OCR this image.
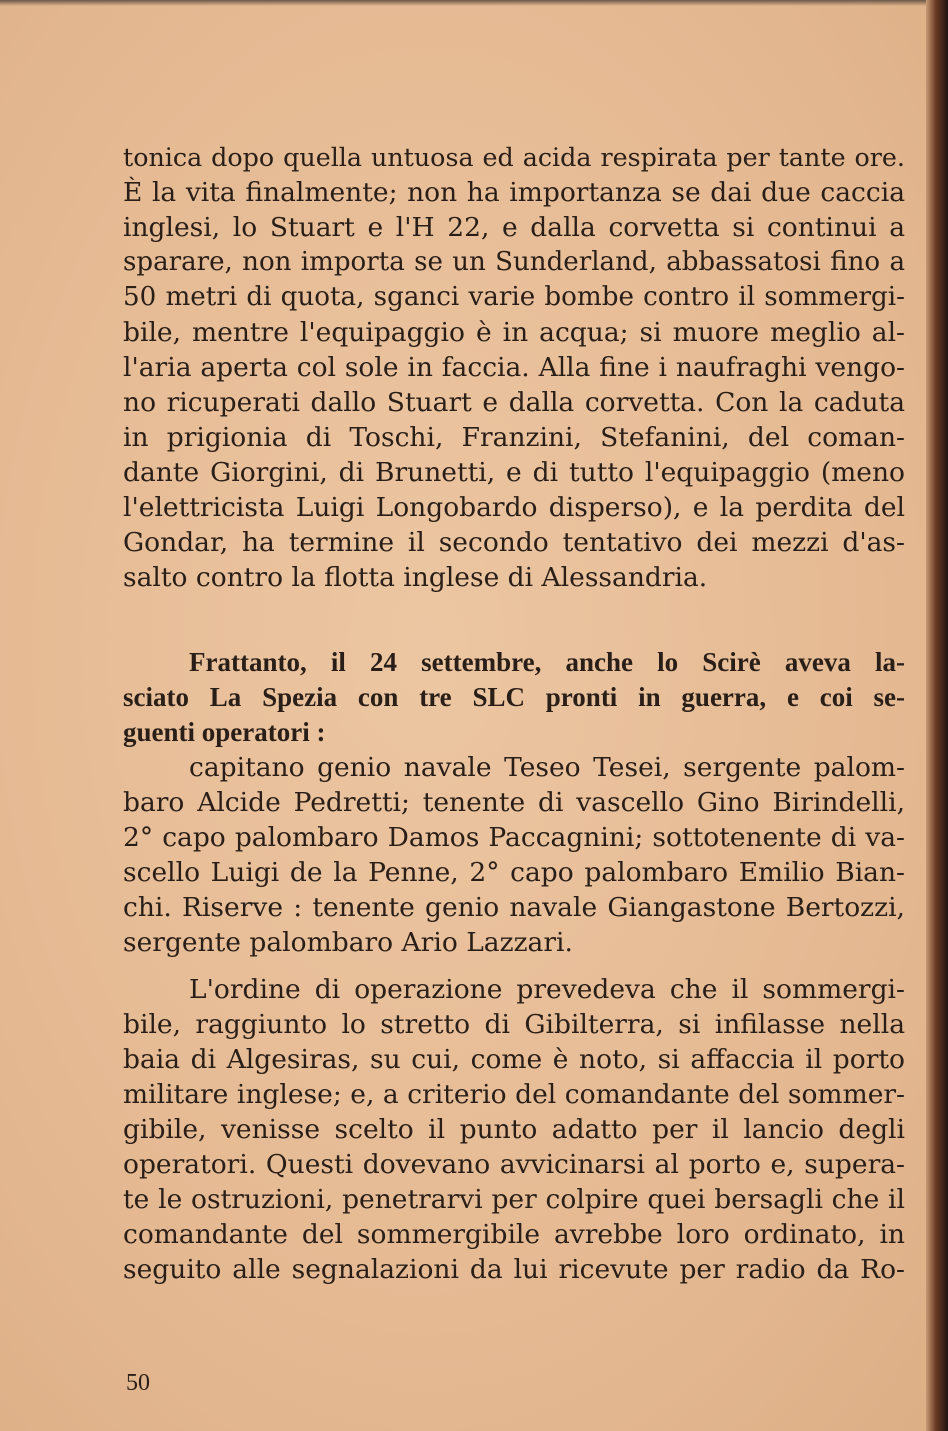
tonica dopo quella untuosa ed acida respirata per tante ore.
È la vita finalmente; non ha importanza se dai due caccia
inglesi, lo Stuart e l'H 22, e dalla corvetta si continui a
sparare, non importa se un Sunderland, abbassatosi fino a
50 metri di quota, sganci varie bombe contro il sommergi-
bile, mentre l'equipaggio è in acqua; si muore meglio al-
l'aria aperta col sole in faccia. Alla fine i naufraghi vengo-
no ricuperati dallo Stuart e dalla corvetta. Con la caduta
in prigionia di Toschi, Franzini, Stefanini, del coman-
dante Giorgini, di Brunetti, e di tutto l'equipaggio (meno
l'elettricista Luigi Longobardo disperso), e la perdita del
Gondar, ha termine il secondo tentativo dei mezzi d'as-
salto contro la flotta inglese di Alessandria.
Frattanto, il 24 settembre, anche lo Scirè aveva la-
sciato La Spezia con tre SLC pronti in guerra, e coi se-
guenti operatori :
capitano genio navale Teseo Tesei, sergente palom-
baro Alcide Pedretti; tenente di vascello Gino Birindelli,
2° capo palombaro Damos Paccagnini; sottotenente di va-
scello Luigi de la Penne, 2° capo palombaro Emilio Bian-
chi. Riserve : tenente genio navale Giangastone Bertozzi,
sergente palombaro Ario Lazzari.
L'ordine di operazione prevedeva che il sommergi-
bile, raggiunto lo stretto di Gibilterra, si infilasse nella
baia di Algesiras, su cui, come è noto, si affaccia il porto
militare inglese; e, a criterio del comandante del sommer-
gibile, venisse scelto il punto adatto per il lancio degli
operatori. Questi dovevano avvicinarsi al porto e, supera-
te le ostruzioni, penetrarvi per colpire quei bersagli che il
comandante del sommergibile avrebbe loro ordinato, in
seguito alle segnalazioni da lui ricevute per radio da Ro-
50
